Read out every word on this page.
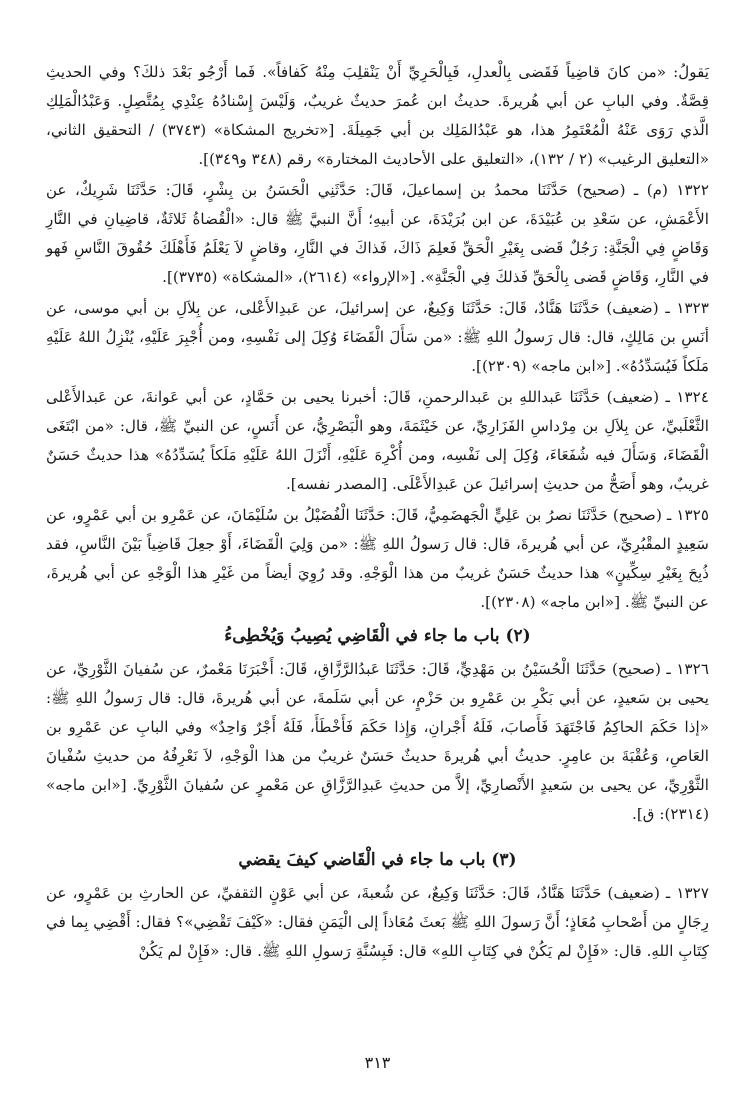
يَقولُ: «من كانَ قاضِياً فَقَضى بِالْعدلِ، فَبِالْحَرِيِّ أَنْ يَنْقلِبَ مِنْهُ كَفافاً». فَما أَرْجُو بَعْدَ ذلكَ؟ وفي الحديثِ قِصَّةٌ. وفي البابِ عن أبي هُريرةَ. حديثُ ابن عُمرَ حديثٌ غريبٌ، وَلَيْسَ إِسْنادُهُ عِنْدِي بِمُتَّصِلٍ. وَعَبْدُالْمَلِكِ الَّذي رَوَى عَنْهُ الْمُعْتَمِرُ هذا، هو عَبْدُالمَلِك بن أبي جَمِيلَةَ. [«تخريج المشكاة» (٣٧٤٣) / التحقيق الثاني، «التعليق الرغيب» (٢ / ١٣٢)، «التعليق على الأحاديث المختارة» رقم (٣٤٨ و٣٤٩)].

١٣٢٢ (م) ـ (صحيح) حَدَّثَنَا محمدُ بن إسماعيلَ، قَالَ: حَدَّثَنِي الْحَسَنُ بن بِشْرٍ، قَالَ: حَدَّثَنَا شَرِيكٌ، عن الأَعْمَشِ، عن سَعْدِ بن عُبَيْدَةَ، عن ابن بُرَيْدَةَ، عن أبيهِ؛ أَنَّ النبيَّ ﷺ قال: «الْقُضاةُ ثَلاثَةٌ، قاضِيانِ في النَّارِ وَقَاضٍ فِي الْجَنَّةِ: رَجُلٌ قَضى بِغَيْرِ الْحَقِّ فَعلِمَ ذَاكَ، فَذاكَ في النَّارِ، وقاضٍ لاَ يَعْلَمُ فَأَهْلَكَ حُقُوقَ النَّاسِ فَهو في النَّارِ، وَقَاضٍ قَضى بِالْحَقِّ فَذلكَ فِي الْجَنَّةِ». [«الإرواء» (٢٦١٤)، «المشكاة» (٣٧٣٥)].

١٣٢٣ ـ (ضعيف) حَدَّثَنَا هَنَّادٌ، قَالَ: حَدَّثَنَا وَكِيعٌ، عن إسرائيلَ، عن عَبدِالأَعْلى، عن بِلاَلِ بن أبي موسى، عن أنَسِ بن مَالِكٍ، قال: قال رَسولُ اللهِ ﷺ: «من سَأَلَ الْقَضَاءَ وُكِلَ إلى نَفْسِهِ، ومن أُجْبِرَ عَلَيْهِ، يُنْزِلُ اللهُ عَلَيْهِ مَلَكاً فَيُسَدِّدُهُ». [«ابن ماجه» (٢٣٠٩)].

١٣٢٤ ـ (ضعيف) حَدَّثَنَا عَبداللهِ بن عَبدالرحمنِ، قَالَ: أخبرنا يحيى بن حَمَّادٍ، عن أبي عَوانةَ، عن عَبدالأَعْلى الثَّعْلَبيِّ، عن بِلاَلِ بن مِرْداسِ الفَزَارِيِّ، عن خَيْثَمَةَ، وهو الْبَصْرِيُّ، عن أَنَسٍ، عن النبيِّ ﷺ، قال: «من ابْتَغَى الْقَضَاءَ، وَسَأَلَ فيه شُفَعَاءَ، وُكِلَ إلى نَفْسِه، ومن أُكْرِهَ عَلَيْهِ، أَنْزَلَ اللهُ عَلَيْهِ مَلَكاً يُسَدِّدُهُ» هذا حديثٌ حَسَنٌ غريبٌ، وهو أَصَحُّ من حديثِ إسرائيلَ عن عَبدِالأَعْلَى. [المصدر نفسه].

١٣٢٥ ـ (صحيح) حَدَّثَنَا نصرُ بن عَلِيٍّ الْجَهضَمِيُّ، قَالَ: حَدَّثَنَا الْفُضَيْلُ بن سُلَيْمَانَ، عن عَمْرِو بن أبي عَمْرٍو، عن سَعِيدٍ المقْبُرِيِّ، عن أبي هُريرةَ، قال: قال رَسولُ اللهِ ﷺ: «من وَلِيَ الْقَضَاءَ، أَوْ جعِلَ قَاضِياً بَيْنَ النَّاسِ، فقد ذُبِحَ بِغَيْرِ سِكِّينٍ» هذا حديثٌ حَسَنٌ غريبٌ من هذا الْوَجْهِ. وقد رُوِيَ أيضاً من غَيْرِ هذا الْوَجْهِ عن أبي هُريرةَ، عن النبيِّ ﷺ. [«ابن ماجه» (٢٣٠٨)].

(٢) باب ما جاء في الْقَاضِي يُصِيبُ وَيُخْطِىءُ

١٣٢٦ ـ (صحيح) حَدَّثَنَا الْحُسَيْنُ بن مَهْدِيٍّ، قَالَ: حَدَّثَنَا عَبدُالرَّزَّاقِ، قَالَ: أَخْبَرَنَا مَعْمرٌ، عن سُفيانَ الثَّوْرِيِّ، عن يحيى بن سَعيدٍ، عن أبي بَكْرِ بن عَمْرِو بن حَزْمٍ، عن أبي سَلَمةَ، عن أبي هُريرةَ، قال: قال رَسولُ اللهِ ﷺ: «إذا حَكَمَ الحاكِمُ فَاجْتَهَدَ فَأَصابَ، فَلَهُ أَجْرانِ، وَإِذا حَكَمَ فَأَخْطَأَ، فَلَهُ أَجْرٌ وَاحِدٌ» وفي البابِ عن عَمْرِو بن العَاصِ، وَعُقْبَةَ بن عامِرٍ. حديثُ أبي هُريرةَ حديثٌ حَسَنٌ غريبٌ من هذا الْوَجْهِ، لاَ نَعْرِفُهُ من حديثِ سُفْيانَ الثَّوْرِيِّ، عن يحيى بن سَعيدٍ الأَنْصارِيِّ، إلاَّ من حديثِ عَبدِالرَّزَّاقِ عن مَعْمرٍ عن سُفيانَ الثَّوْرِيِّ. [«ابن ماجه» (٢٣١٤): ق].

(٣) باب ما جاء في الْقَاضي كيفَ يقضي

١٣٢٧ ـ (ضعيف) حَدَّثَنَا هَنَّادٌ، قَالَ: حَدَّثَنَا وَكِيعٌ، عن شُعبةَ، عن أبي عَوْنٍ الثقفيِّ، عن الحارثِ بن عَمْرٍو، عن رِجَالٍ من أَصْحابِ مُعَاذٍ؛ أَنَّ رَسولَ اللهِ ﷺ بَعثَ مُعَاذاً إلى الْيَمَنِ فقال: «كَيْفَ تَقْضِي»؟ فقال: أَقْضِي بِما في كِتَابِ اللهِ. قال: «فَإِنْ لم يَكُنْ في كِتَابِ اللهِ» قال: فَبِسُنَّةِ رَسولِ اللهِ ﷺ. قال: «فَإِنْ لم يَكُنْ

٣١٣
